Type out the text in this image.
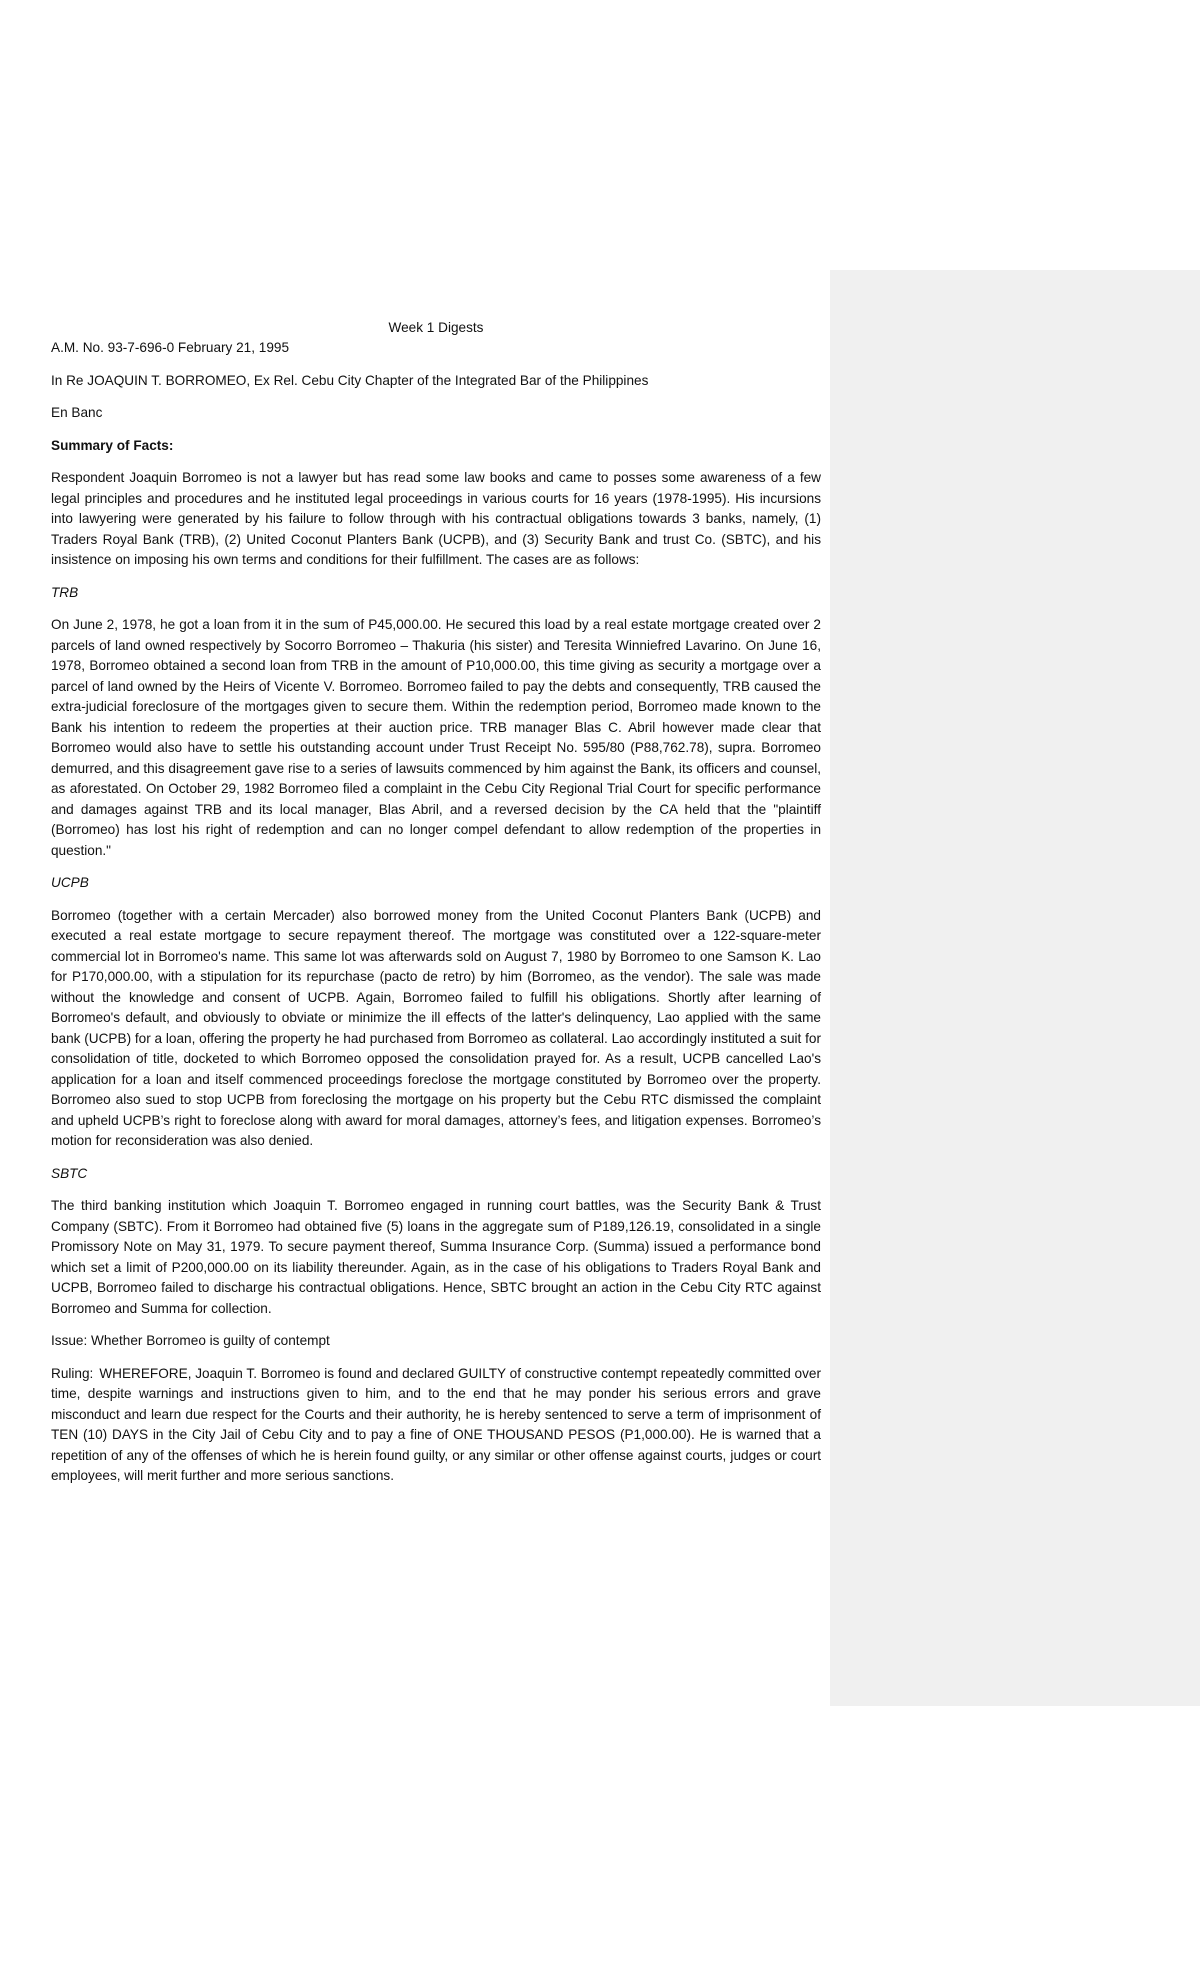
Week 1 Digests
A.M. No. 93-7-696-0 February 21, 1995
In Re JOAQUIN T. BORROMEO, Ex Rel. Cebu City Chapter of the Integrated Bar of the Philippines
En Banc
Summary of Facts:
Respondent Joaquin Borromeo is not a lawyer but has read some law books and came to posses some awareness of a few legal principles and procedures and he instituted legal proceedings in various courts for 16 years (1978-1995). His incursions into lawyering were generated by his failure to follow through with his contractual obligations towards 3 banks, namely, (1) Traders Royal Bank (TRB), (2) United Coconut Planters Bank (UCPB), and (3) Security Bank and trust Co. (SBTC), and his insistence on imposing his own terms and conditions for their fulfillment. The cases are as follows:
TRB
On June 2, 1978, he got a loan from it in the sum of P45,000.00. He secured this load by a real estate mortgage created over 2 parcels of land owned respectively by Socorro Borromeo – Thakuria (his sister) and Teresita Winniefred Lavarino. On June 16, 1978, Borromeo obtained a second loan from TRB in the amount of P10,000.00, this time giving as security a mortgage over a parcel of land owned by the Heirs of Vicente V. Borromeo. Borromeo failed to pay the debts and consequently, TRB caused the extra-judicial foreclosure of the mortgages given to secure them. Within the redemption period, Borromeo made known to the Bank his intention to redeem the properties at their auction price. TRB manager Blas C. Abril however made clear that Borromeo would also have to settle his outstanding account under Trust Receipt No. 595/80 (P88,762.78), supra. Borromeo demurred, and this disagreement gave rise to a series of lawsuits commenced by him against the Bank, its officers and counsel, as aforestated. On October 29, 1982 Borromeo filed a complaint in the Cebu City Regional Trial Court for specific performance and damages against TRB and its local manager, Blas Abril, and a reversed decision by the CA held that the "plaintiff (Borromeo) has lost his right of redemption and can no longer compel defendant to allow redemption of the properties in question."
UCPB
Borromeo (together with a certain Mercader) also borrowed money from the United Coconut Planters Bank (UCPB) and executed a real estate mortgage to secure repayment thereof. The mortgage was constituted over a 122-square-meter commercial lot in Borromeo's name. This same lot was afterwards sold on August 7, 1980 by Borromeo to one Samson K. Lao for P170,000.00, with a stipulation for its repurchase (pacto de retro) by him (Borromeo, as the vendor). The sale was made without the knowledge and consent of UCPB. Again, Borromeo failed to fulfill his obligations. Shortly after learning of Borromeo's default, and obviously to obviate or minimize the ill effects of the latter's delinquency, Lao applied with the same bank (UCPB) for a loan, offering the property he had purchased from Borromeo as collateral. Lao accordingly instituted a suit for consolidation of title, docketed to which Borromeo opposed the consolidation prayed for. As a result, UCPB cancelled Lao's application for a loan and itself commenced proceedings foreclose the mortgage constituted by Borromeo over the property. Borromeo also sued to stop UCPB from foreclosing the mortgage on his property but the Cebu RTC dismissed the complaint and upheld UCPB’s right to foreclose along with award for moral damages, attorney’s fees, and litigation expenses. Borromeo’s motion for reconsideration was also denied.
SBTC
The third banking institution which Joaquin T. Borromeo engaged in running court battles, was the Security Bank & Trust Company (SBTC). From it Borromeo had obtained five (5) loans in the aggregate sum of P189,126.19, consolidated in a single Promissory Note on May 31, 1979. To secure payment thereof, Summa Insurance Corp. (Summa) issued a performance bond which set a limit of P200,000.00 on its liability thereunder. Again, as in the case of his obligations to Traders Royal Bank and UCPB, Borromeo failed to discharge his contractual obligations. Hence, SBTC brought an action in the Cebu City RTC against Borromeo and Summa for collection.
Issue: Whether Borromeo is guilty of contempt
Ruling: WHEREFORE, Joaquin T. Borromeo is found and declared GUILTY of constructive contempt repeatedly committed over time, despite warnings and instructions given to him, and to the end that he may ponder his serious errors and grave misconduct and learn due respect for the Courts and their authority, he is hereby sentenced to serve a term of imprisonment of TEN (10) DAYS in the City Jail of Cebu City and to pay a fine of ONE THOUSAND PESOS (P1,000.00). He is warned that a repetition of any of the offenses of which he is herein found guilty, or any similar or other offense against courts, judges or court employees, will merit further and more serious sanctions.
